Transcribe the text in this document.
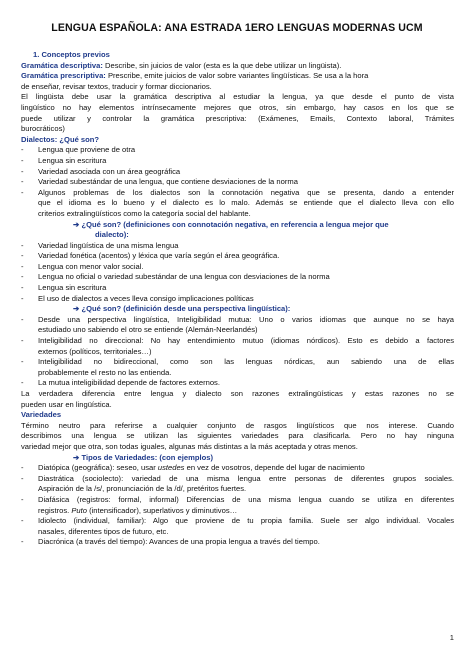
LENGUA ESPAÑOLA: ANA ESTRADA 1ERO LENGUAS MODERNAS UCM
1. Conceptos previos
Gramática descriptiva: Describe, sin juicios de valor (esta es la que debe utilizar un lingüista).
Gramática prescriptiva: Prescribe, emite juicios de valor sobre variantes lingüísticas. Se usa a la hora
de enseñar, revisar textos, traducir y formar diccionarios.
El lingüista debe usar la gramática descriptiva al estudiar la lengua, ya que desde el punto de vista
lingüístico no hay elementos intrínsecamente mejores que otros, sin embargo, hay casos en los que se
puede utilizar y controlar la gramática prescriptiva: (Exámenes, Emails, Contexto laboral, Trámites
burocráticos)
Dialectos: ¿Qué son?
- Lengua que proviene de otra
- Lengua sin escritura
- Variedad asociada con un área geográfica
- Variedad subestándar de una lengua, que contiene desviaciones de la norma
- Algunos problemas de los dialectos son la connotación negativa que se presenta, dando a entender
que el idioma es lo bueno y el dialecto es lo malo. Además se entiende que el dialecto lleva con ello
criterios extralingüísticos como la categoría social del hablante.
➔ ¿Qué son? (definiciones con connotación negativa, en referencia a lengua mejor que
dialecto):
- Variedad lingüística de una misma lengua
- Variedad fonética (acentos) y léxica que varía según el área geográfica.
- Lengua con menor valor social.
- Lengua no oficial o variedad subestándar de una lengua con desviaciones de la norma
- Lengua sin escritura
- El uso de dialectos a veces lleva consigo implicaciones políticas
➔ ¿Qué son? (definición desde una perspectiva lingüística):
- Desde una perspectiva lingüística, Inteligibilidad mutua: Uno o varios idiomas que aunque no se haya
estudiado uno sabiendo el otro se entiende (Alemán-Neerlandés)
- Inteligibilidad no direccional: No hay entendimiento mutuo (idiomas nórdicos). Esto es debido a factores
externos (políticos, territoriales…)
- Inteligibilidad no bidireccional, como son las lenguas nórdicas, aun sabiendo una de ellas
probablemente el resto no las entienda.
- La mutua inteligibilidad depende de factores externos.
La verdadera diferencia entre lengua y dialecto son razones extralingüísticas y estas razones no se
pueden usar en lingüística.
Variedades
Término neutro para referirse a cualquier conjunto de rasgos lingüísticos que nos interese. Cuando
describimos una lengua se utilizan las siguientes variedades para clasificarla. Pero no hay ninguna
variedad mejor que otra, son todas iguales, algunas más distintas a la más aceptada y otras menos.
➔ Tipos de Variedades: (con ejemplos)
- Diatópica (geográfica): seseo, usar ustedes en vez de vosotros, depende del lugar de nacimiento
- Diastrática (sociolecto): variedad de una misma lengua entre personas de diferentes grupos sociales.
Aspiración de la /s/, pronunciación de la /d/, pretéritos fuertes.
- Diafásica (registros: formal, informal) Diferencias de una misma lengua cuando se utiliza en diferentes
registros. Puto (intensificador), superlativos y diminutivos…
- Idiolecto (individual, familiar): Algo que proviene de tu propia familia. Suele ser algo individual. Vocales
nasales, diferentes tipos de futuro, etc.
- Diacrónica (a través del tiempo): Avances de una propia lengua a través del tiempo.
1
